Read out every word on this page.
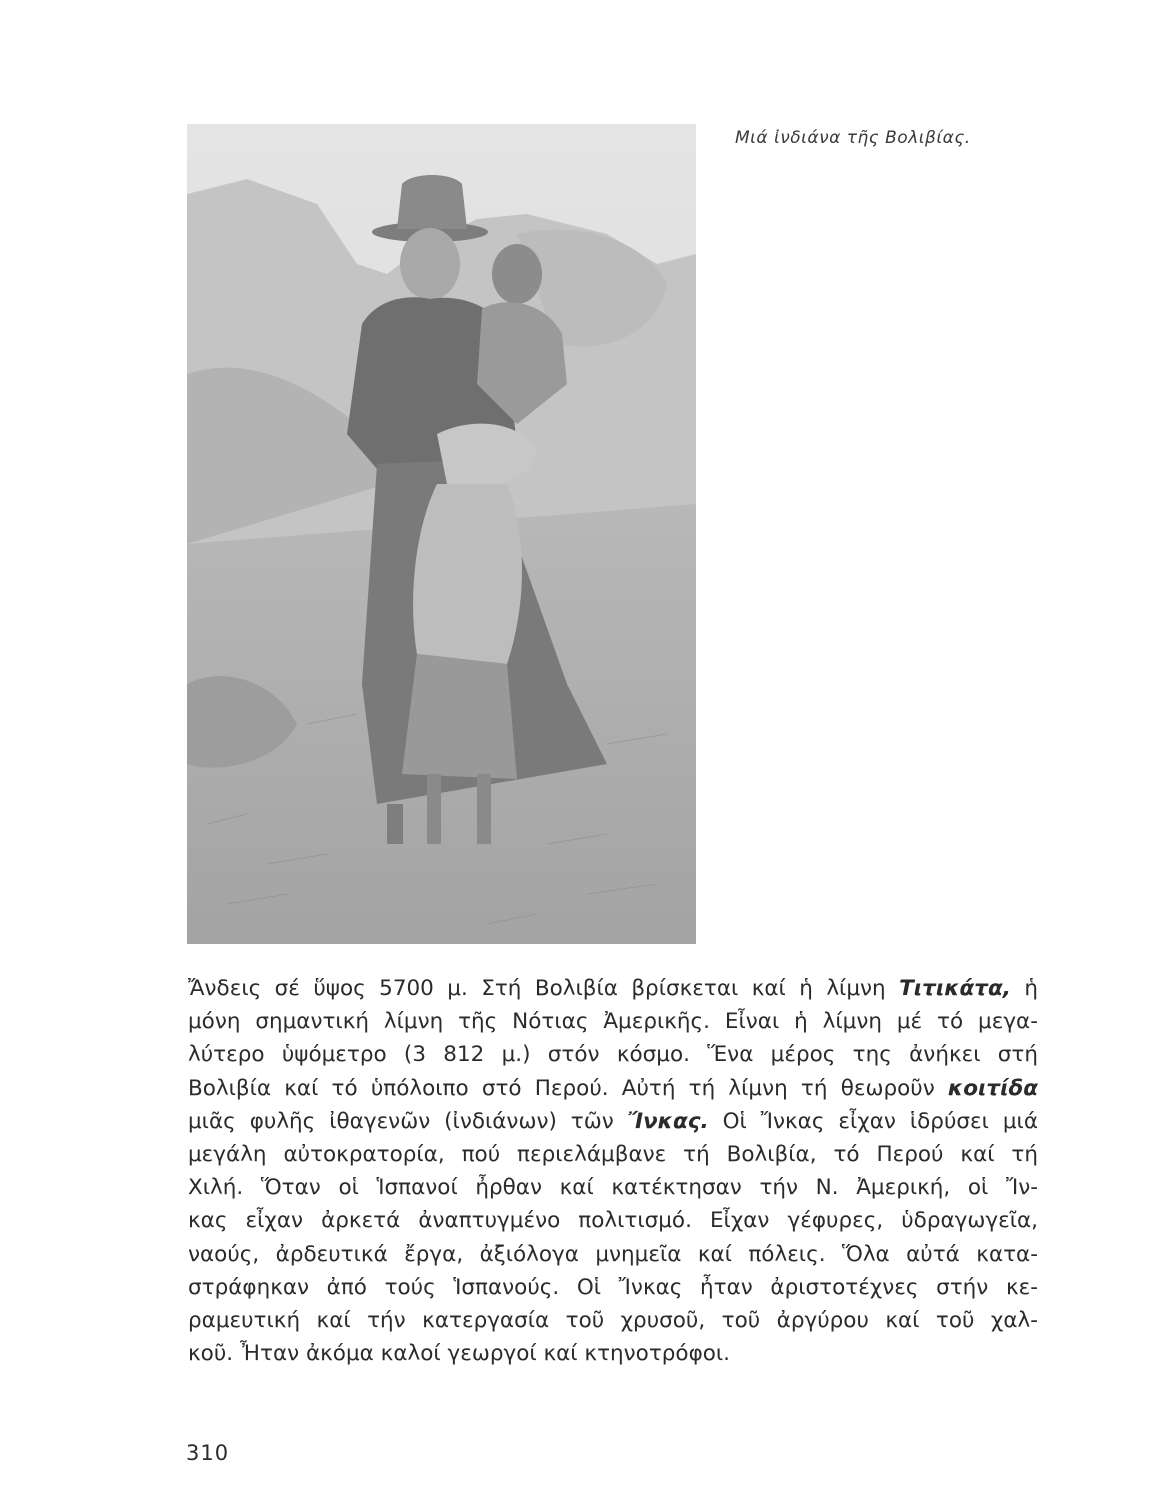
Μιά ἰνδιάνα τῆς Βολιβίας.
Ἄνδεις σέ ὕψος 5700 μ. Στή Βολιβία βρίσκεται καί ἡ λίμνη Τιτικάτα, ἡ
μόνη σημαντική λίμνη τῆς Νότιας Ἀμερικῆς. Εἶναι ἡ λίμνη μέ τό μεγα-
λύτερο ὑψόμετρο (3 812 μ.) στόν κόσμο. Ἕνα μέρος της ἀνήκει στή
Βολιβία καί τό ὑπόλοιπο στό Περού. Αὐτή τή λίμνη τή θεωροῦν κοιτίδα
μιᾶς φυλῆς ἰθαγενῶν (ἰνδιάνων) τῶν Ἴνκας. Οἱ Ἴνκας εἶχαν ἱδρύσει μιά
μεγάλη αὐτοκρατορία, πού περιελάμβανε τή Βολιβία, τό Περού καί τή
Χιλή. Ὅταν οἱ Ἱσπανοί ἦρθαν καί κατέκτησαν τήν Ν. Ἀμερική, οἱ Ἴν-
κας εἶχαν ἀρκετά ἀναπτυγμένο πολιτισμό. Εἶχαν γέφυρες, ὑδραγωγεῖα,
ναούς, ἀρδευτικά ἔργα, ἀξιόλογα μνημεῖα καί πόλεις. Ὅλα αὐτά κατα-
στράφηκαν ἀπό τούς Ἱσπανούς. Οἱ Ἴνκας ἦταν ἀριστοτέχνες στήν κε-
ραμευτική καί τήν κατεργασία τοῦ χρυσοῦ, τοῦ ἀργύρου καί τοῦ χαλ-
κοῦ. Ἦταν ἀκόμα καλοί γεωργοί καί κτηνοτρόφοι.
310
